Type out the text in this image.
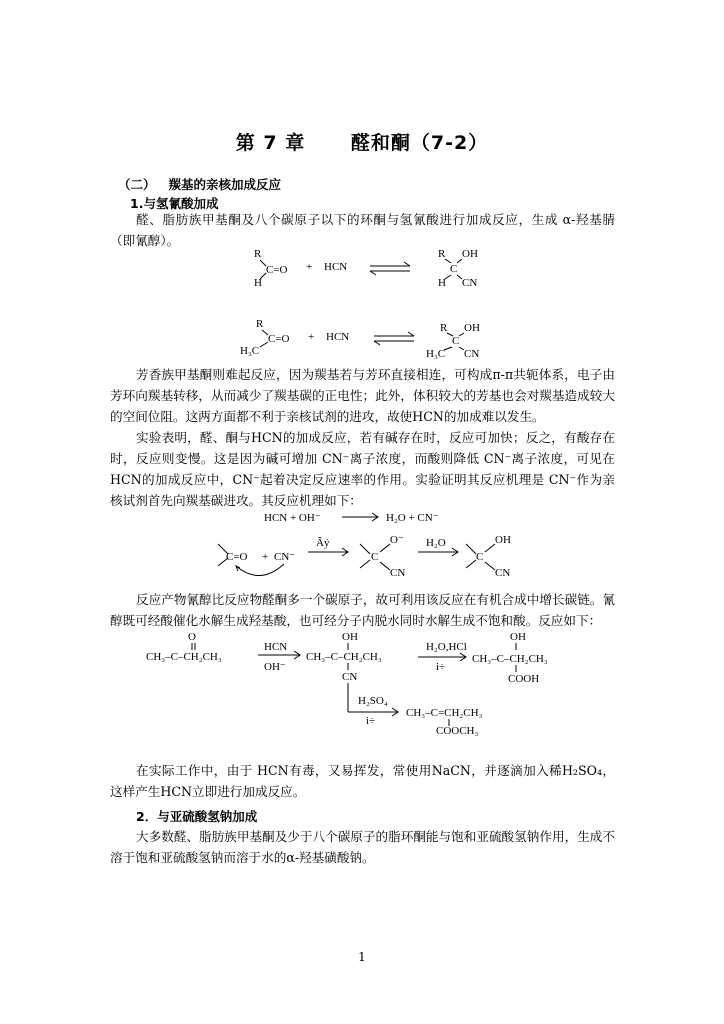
第 7 章      醛和酮（7-2）
（二）   羰基的亲核加成反应
1.与氢氰酸加成
醛、脂肪族甲基酮及八个碳原子以下的环酮与氢氰酸进行加成反应，生成 α-羟基腈（即氰醇）。
R
H
C=O + HCN
R OH
C
H CN
R
H₃C
C=O + HCN
R OH
C
H₃C CN
芳香族甲基酮则难起反应，因为羰基若与芳环直接相连，可构成π-π共轭体系，电子由芳环向羰基转移，从而减少了羰基碳的正电性；此外，体积较大的芳基也会对羰基造成较大的空间位阻。这两方面都不利于亲核试剂的进攻，故使HCN的加成难以发生。
实验表明，醛、酮与HCN的加成反应，若有碱存在时，反应可加快；反之，有酸存在时，反应则变慢。这是因为碱可增加 CN⁻离子浓度，而酸则降低 CN⁻离子浓度，可见在HCN的加成反应中，CN⁻起着决定反应速率的作用。实验证明其反应机理是 CN⁻作为亲核试剂首先向羰基碳进攻。其反应机理如下：
HCN + OH⁻	H₂O + CN⁻
C=O + CN⁻
Âý
C
O⁻
CN
H₂O
C
OH
CN
反应产物氰醇比反应物醛酮多一个碳原子，故可利用该反应在有机合成中增长碳链。氰醇既可经酸催化水解生成羟基酸，也可经分子内脱水同时水解生成不饱和酸。反应如下：
O
CH₃–C–CH₂CH₃
HCN
OH⁻
OH
CH₃–C–CH₂CH₃
CN
H₂O,HCl
i÷
OH
CH₃–C–CH₂CH₃
COOH
H₂SO₄
i÷
CH₃–C=CH₂CH₃
COOCH₃
在实际工作中，由于 HCN有毒，又易挥发，常使用NaCN，并逐滴加入稀H₂SO₄，这样产生HCN立即进行加成反应。
2．与亚硫酸氢钠加成
大多数醛、脂肪族甲基酮及少于八个碳原子的脂环酮能与饱和亚硫酸氢钠作用，生成不溶于饱和亚硫酸氢钠而溶于水的α-羟基磺酸钠。
1
